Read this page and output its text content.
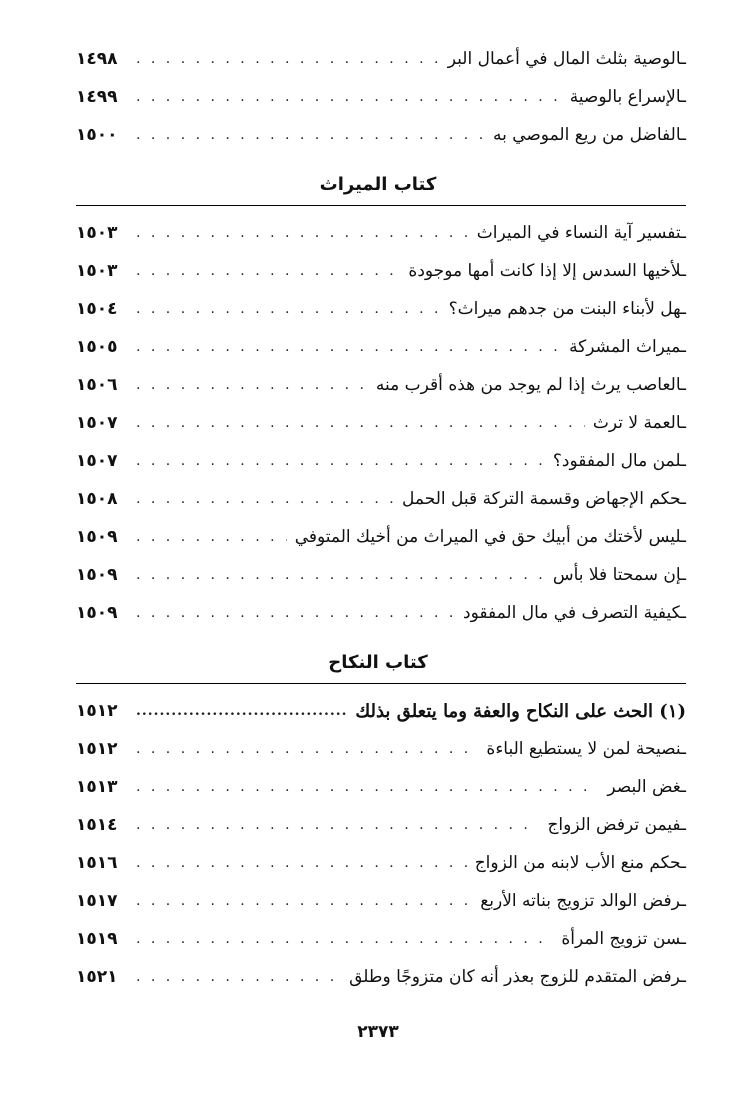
ـالوصية بثلث المال في أعمال البر
. . .
١٤٩٨
ـالإسراع بالوصية
. . .
١٤٩٩
ـالفاضل من ريع الموصي به
. . .
١٥٠٠
كتاب الميراث
ـتفسير آية النساء في الميراث
. . .
١٥٠٣
ـلأخيها السدس إلا إذا كانت أمها موجودة
. . .
١٥٠٣
ـهل لأبناء البنت من جدهم ميراث؟
. . .
١٥٠٤
ـميراث المشركة
. . .
١٥٠٥
ـالعاصب يرث إذا لم يوجد من هذه أقرب منه
. . .
١٥٠٦
ـالعمة لا ترث
. . .
١٥٠٧
ـلمن مال المفقود؟
. . .
١٥٠٧
ـحكم الإجهاض وقسمة التركة قبل الحمل
. . .
١٥٠٨
ـليس لأختك من أبيك حق في الميراث من أخيك المتوفي
. . .
١٥٠٩
ـإن سمحتا فلا بأس
. . .
١٥٠٩
ـكيفية التصرف في مال المفقود
. . .
١٥٠٩
كتاب النكاح
(١) الحث على النكاح والعفة وما يتعلق بذلك
.....
١٥١٢
ـنصيحة لمن لا يستطيع الباءة
. . .
١٥١٢
ـغض البصر
. . .
١٥١٣
ـفيمن ترفض الزواج
. . .
١٥١٤
ـحكم منع الأب لابنه من الزواج
. . .
١٥١٦
ـرفض الوالد تزويج بناته الأربع
. . .
١٥١٧
ـسن تزويج المرأة
. . .
١٥١٩
ـرفض المتقدم للزوج بعذر أنه كان متزوجًا وطلق
. . .
١٥٢١
٢٣٧٣
